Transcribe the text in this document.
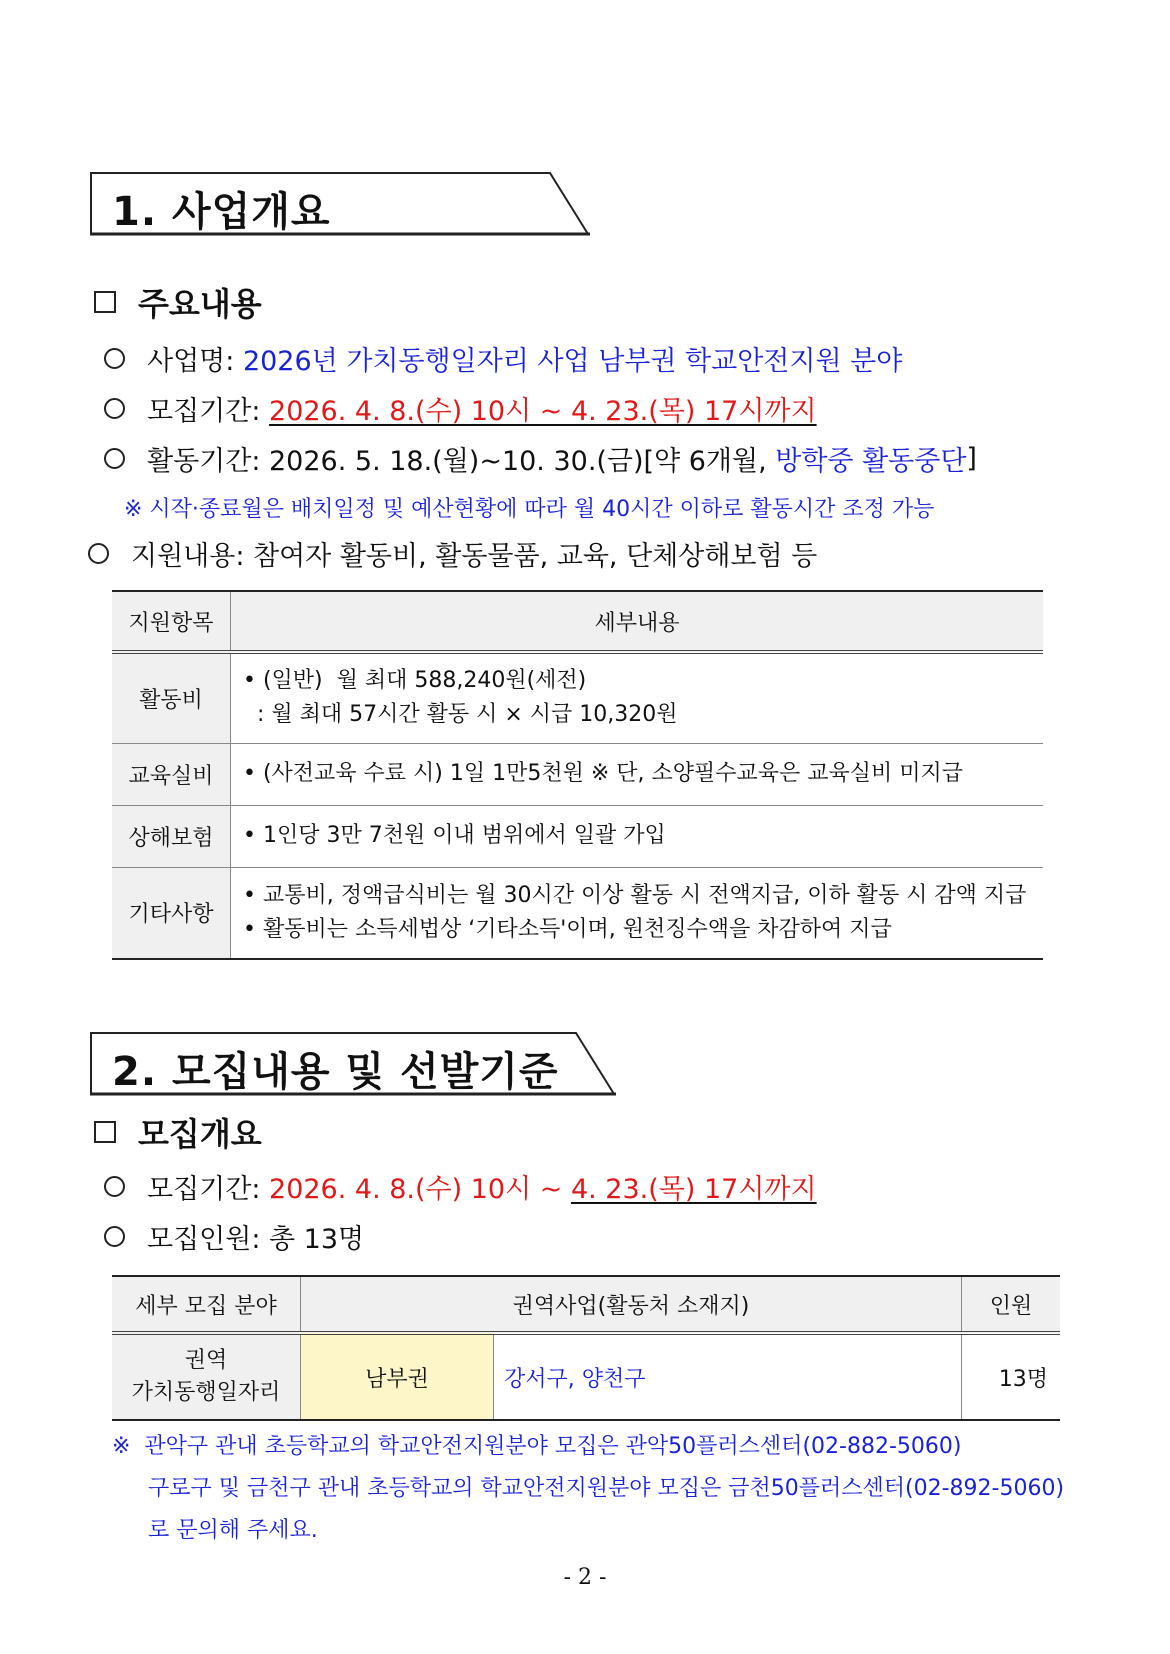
1. 사업개요
주요내용
사업명: 2026년 가치동행일자리 사업 남부권 학교안전지원 분야
모집기간: 2026. 4. 8.(수) 10시 ~ 4. 23.(목) 17시까지
활동기간: 2026. 5. 18.(월)~10. 30.(금)[약 6개월, 방학중 활동중단 ]
※ 시작·종료월은 배치일정 및 예산현황에 따라 월 40시간 이하로 활동시간 조정 가능
지원내용: 참여자 활동비, 활동물품, 교육, 단체상해보험 등
지원항목	세부내용
활동비	• (일반)  월 최대 588,240원(세전)
: 월 최대 57시간 활동 시 × 시급 10,320원

교육실비	• (사전교육 수료 시) 1일 1만5천원 ※ 단, 소양필수교육은 교육실비 미지급

상해보험	• 1인당 3만 7천원 이내 범위에서 일괄 가입

기타사항	• 교통비, 정액급식비는 월 30시간 이상 활동 시 전액지급, 이하 활동 시 감액 지급
• 활동비는 소득세법상 ‘기타소득'이며, 원천징수액을 차감하여 지급
2. 모집내용 및 선발기준
모집개요
모집기간: 2026. 4. 8.(수) 10시 ~ 4. 23.(목) 17시까지
모집인원: 총 13명
세부 모집 분야	권역사업(활동처 소재지)		인원

권역
가치동행일자리	남부권	강서구, 양천구	13명
※  관악구 관내 초등학교의 학교안전지원분야 모집은 관악50플러스센터(02-882-5060)
구로구 및 금천구 관내 초등학교의 학교안전지원분야 모집은 금천50플러스센터(02-892-5060)
로 문의해 주세요.
- 2 -
